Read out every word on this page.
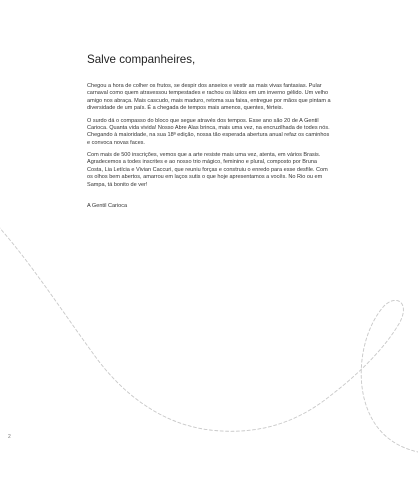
Salve companheires,

Chegou a hora de colher os frutos, se despir dos anseios e vestir as mais vivas fantasias. Pular carnaval como quem atravessou tempestades e rachou os lábios em um inverno gélido. Um velho amigo nos abraça. Mais cascudo, mais maduro, retoma sua faixa, entregue por mãos que pintam a diversidade de um país. É a chegada de tempos mais amenos, quentes, férteis.

O surdo dá o compasso do bloco que segue através dos tempos. Esse ano são 20 de A Gentil Carioca. Quanta vida vivida! Nosso Abre Alas brinca, mais uma vez, na encruzilhada de todes nós. Chegando à maioridade, na sua 18ª edição, nossa tão esperada abertura anual refaz os caminhos e convoca novas faces.

Com mais de 500 inscrições, vemos que a arte resiste mais uma vez, atenta, em vários Brasis. Agradecemos a todes inscrites e ao nosso trio mágico, feminino e plural, composto por Bruna Costa, Lia Letícia e Vivian Caccuri, que reuniu forças e construiu o enredo para esse desfile. Com os olhos bem abertos, amarrou em laços sutis o que hoje apresentamos a vocês. No Rio ou em Sampa, tá bonito de ver!

A Gentil Carioca
2
